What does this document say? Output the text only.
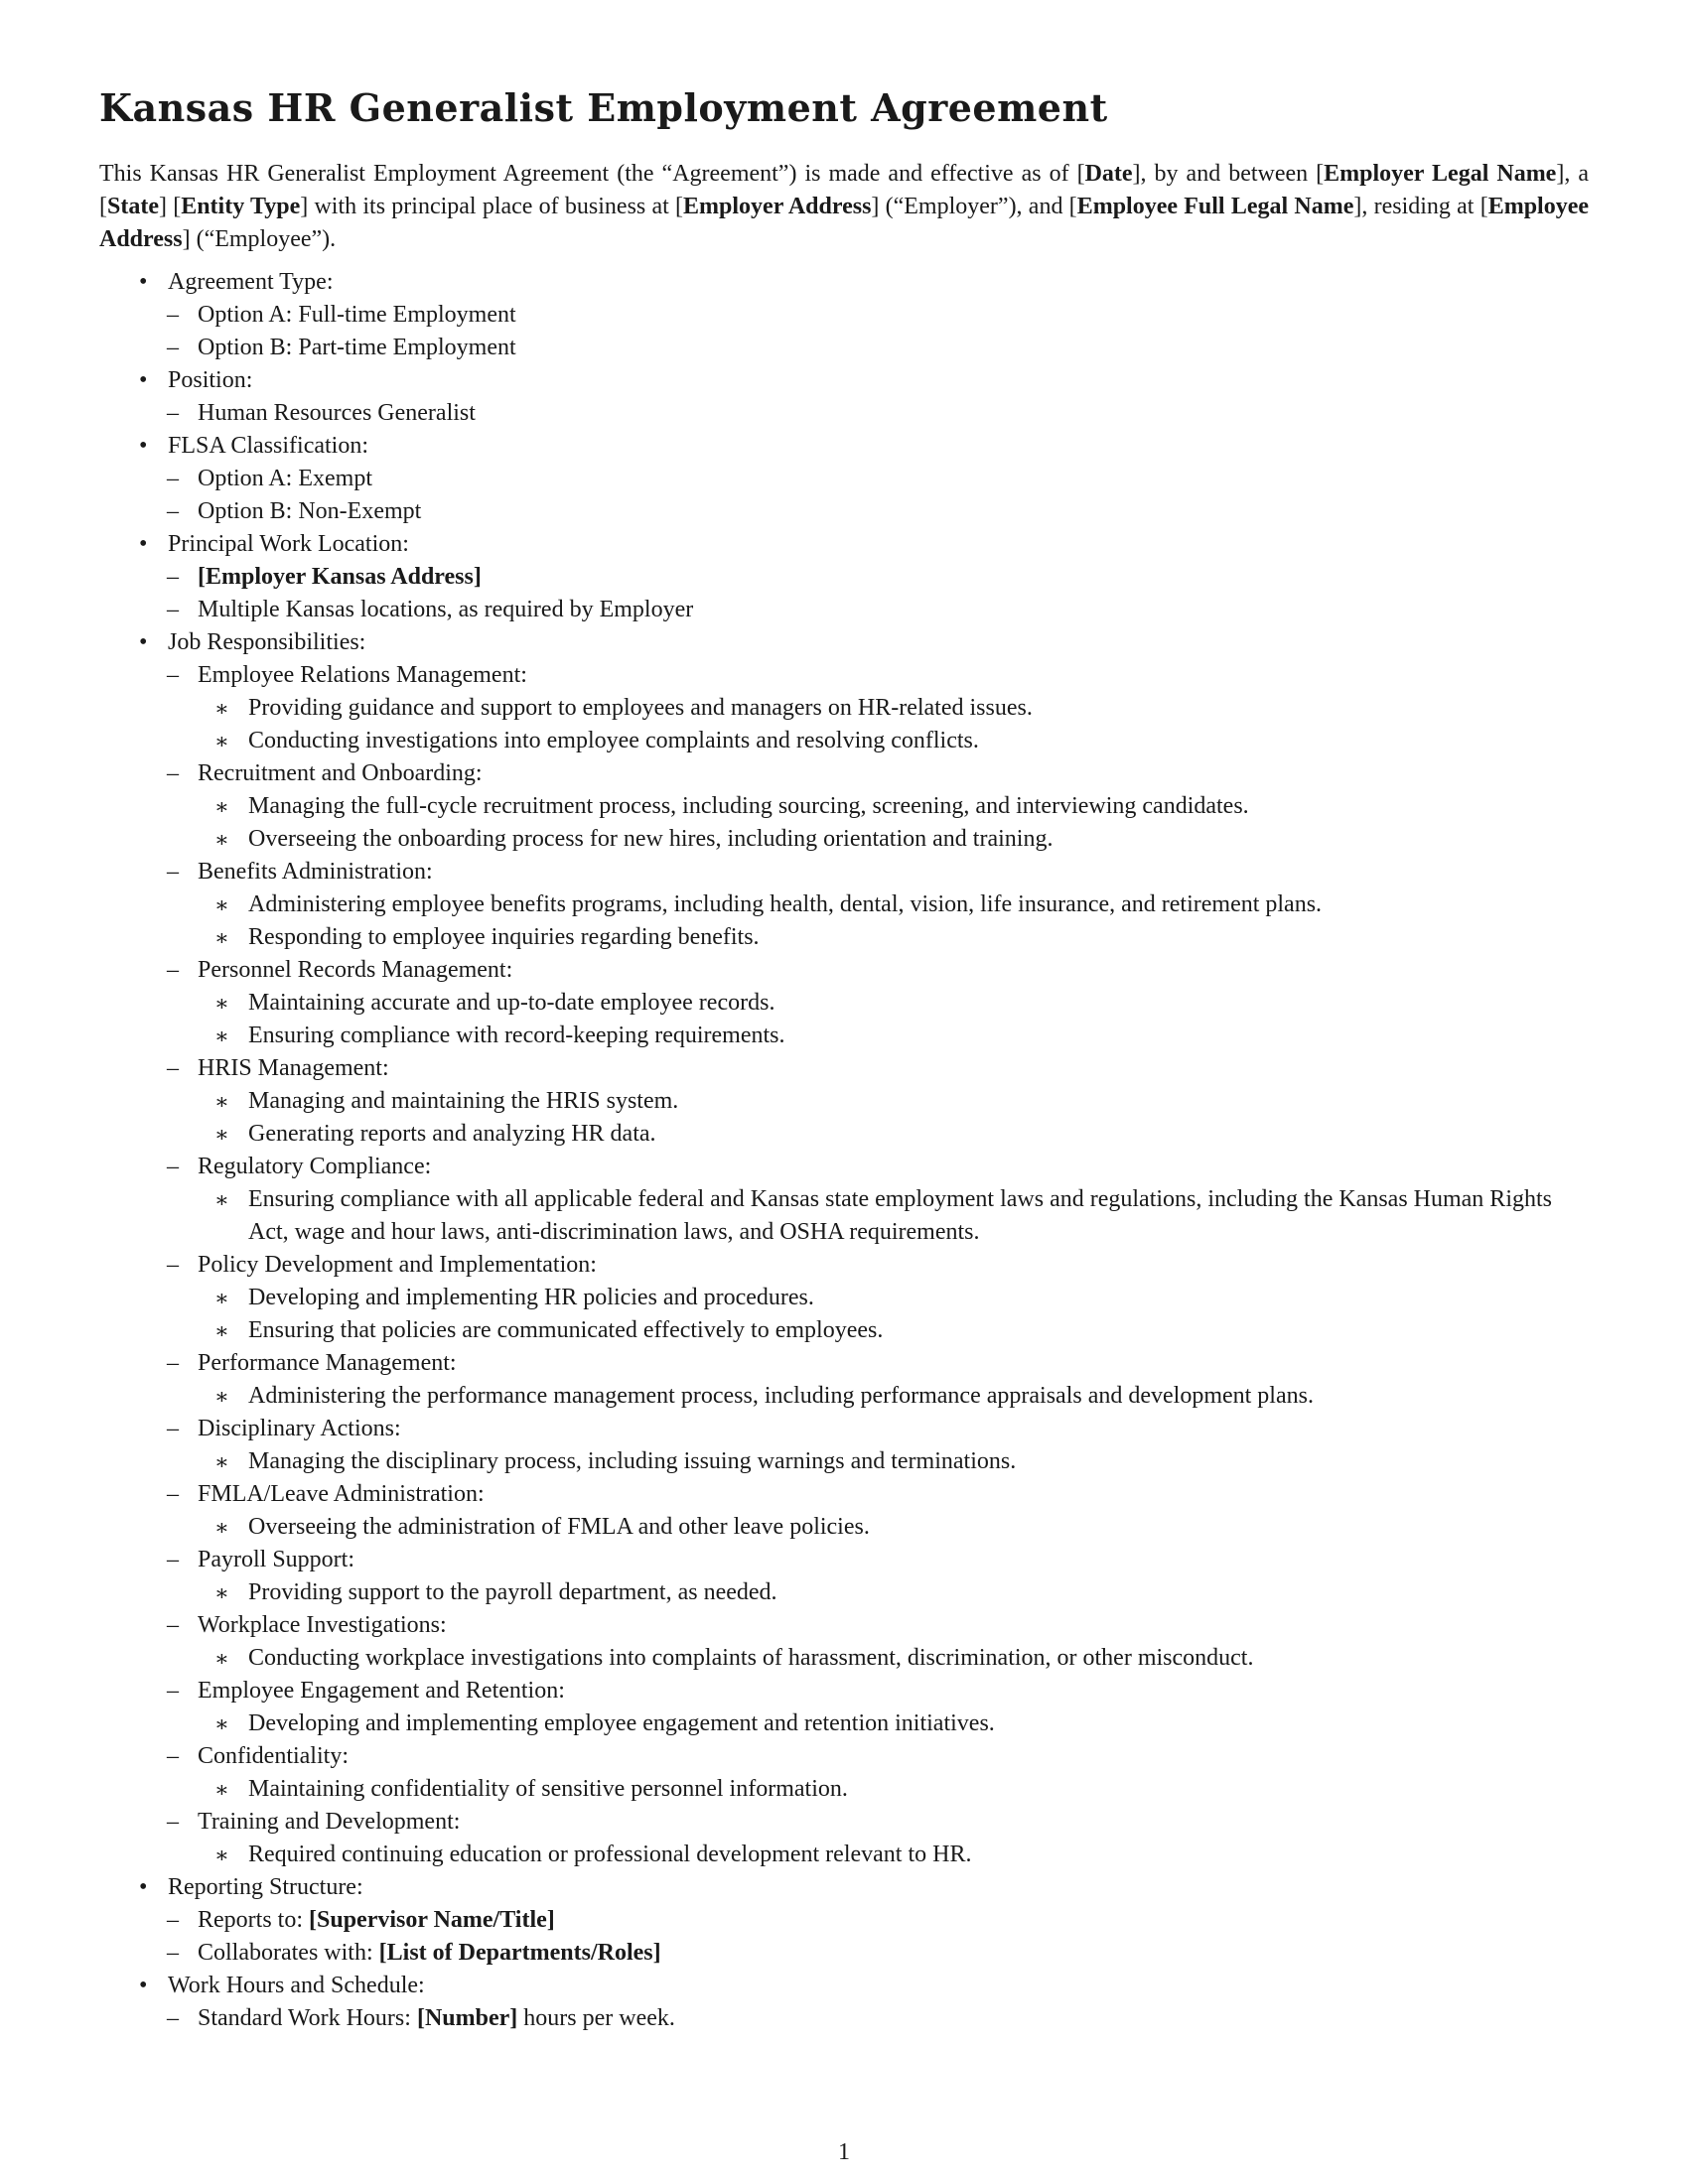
Kansas HR Generalist Employment Agreement

This Kansas HR Generalist Employment Agreement (the “Agreement”) is made and effective as of [Date], by and between [Employer Legal Name], a [State] [Entity Type] with its principal place of business at [Employer Address] (“Employer”), and [Employee Full Legal Name], residing at [Employee Address] (“Employee”).

• Agreement Type:
– Option A: Full-time Employment
– Option B: Part-time Employment
• Position:
– Human Resources Generalist
• FLSA Classification:
– Option A: Exempt
– Option B: Non-Exempt
• Principal Work Location:
– [Employer Kansas Address]
– Multiple Kansas locations, as required by Employer
• Job Responsibilities:
– Employee Relations Management:
∗ Providing guidance and support to employees and managers on HR-related issues.
∗ Conducting investigations into employee complaints and resolving conflicts.
– Recruitment and Onboarding:
∗ Managing the full-cycle recruitment process, including sourcing, screening, and interviewing candidates.
∗ Overseeing the onboarding process for new hires, including orientation and training.
– Benefits Administration:
∗ Administering employee benefits programs, including health, dental, vision, life insurance, and retirement plans.
∗ Responding to employee inquiries regarding benefits.
– Personnel Records Management:
∗ Maintaining accurate and up-to-date employee records.
∗ Ensuring compliance with record-keeping requirements.
– HRIS Management:
∗ Managing and maintaining the HRIS system.
∗ Generating reports and analyzing HR data.
– Regulatory Compliance:
∗ Ensuring compliance with all applicable federal and Kansas state employment laws and regulations, including the Kansas Human Rights Act, wage and hour laws, anti-discrimination laws, and OSHA requirements.
– Policy Development and Implementation:
∗ Developing and implementing HR policies and procedures.
∗ Ensuring that policies are communicated effectively to employees.
– Performance Management:
∗ Administering the performance management process, including performance appraisals and development plans.
– Disciplinary Actions:
∗ Managing the disciplinary process, including issuing warnings and terminations.
– FMLA/Leave Administration:
∗ Overseeing the administration of FMLA and other leave policies.
– Payroll Support:
∗ Providing support to the payroll department, as needed.
– Workplace Investigations:
∗ Conducting workplace investigations into complaints of harassment, discrimination, or other misconduct.
– Employee Engagement and Retention:
∗ Developing and implementing employee engagement and retention initiatives.
– Confidentiality:
∗ Maintaining confidentiality of sensitive personnel information.
– Training and Development:
∗ Required continuing education or professional development relevant to HR.
• Reporting Structure:
– Reports to: [Supervisor Name/Title]
– Collaborates with: [List of Departments/Roles]
• Work Hours and Schedule:
– Standard Work Hours: [Number] hours per week.
1
